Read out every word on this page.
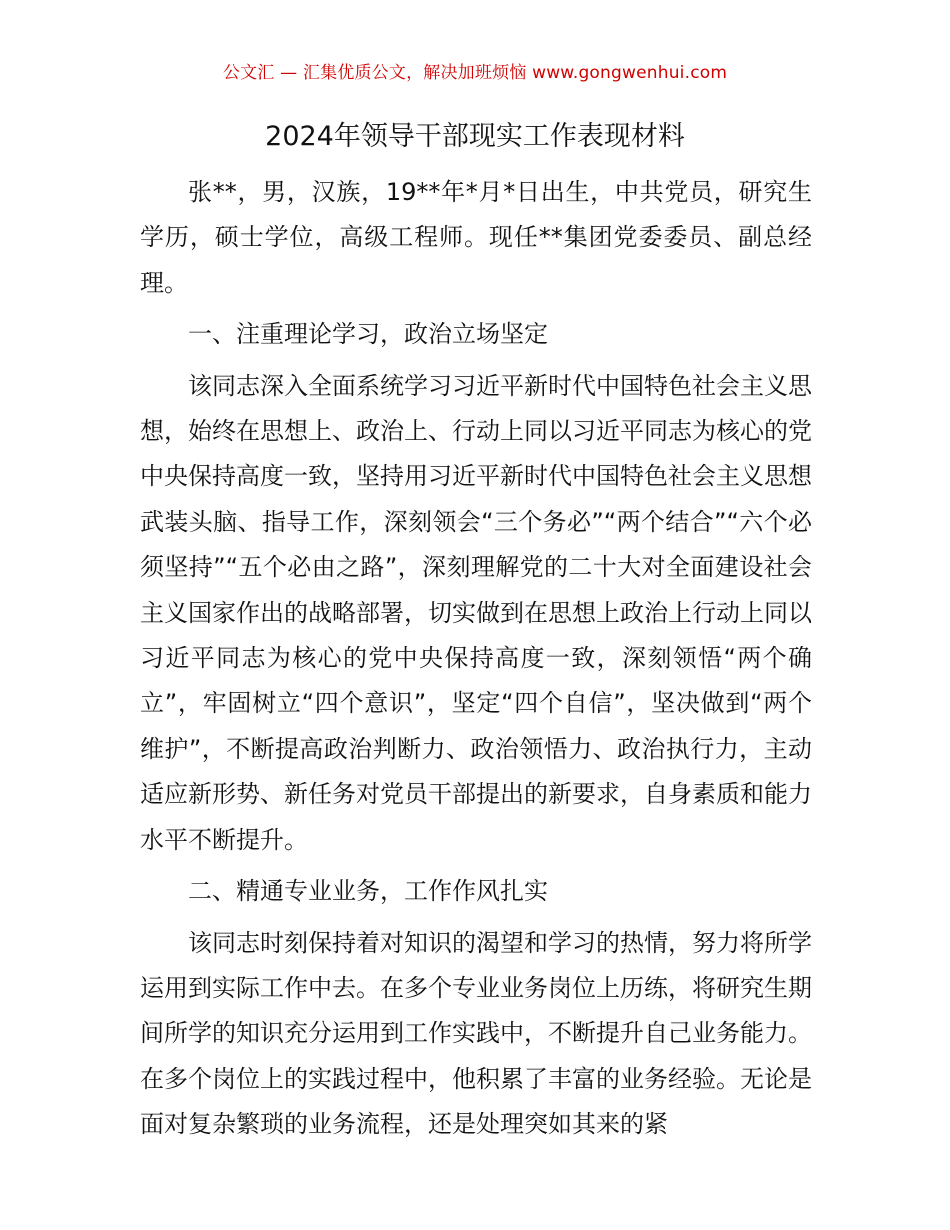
公文汇 — 汇集优质公文，解决加班烦恼 www.gongwenhui.com
2024年领导干部现实工作表现材料

张**，男，汉族，19**年*月*日出生，中共党员，研究生学历，硕士学位，高级工程师。现任**集团党委委员、副总经理。

一、注重理论学习，政治立场坚定

该同志深入全面系统学习习近平新时代中国特色社会主义思想，始终在思想上、政治上、行动上同以习近平同志为核心的党中央保持高度一致，坚持用习近平新时代中国特色社会主义思想武装头脑、指导工作，深刻领会“三个务必”“两个结合”“六个必须坚持”“五个必由之路”，深刻理解党的二十大对全面建设社会主义国家作出的战略部署，切实做到在思想上政治上行动上同以习近平同志为核心的党中央保持高度一致，深刻领悟“两个确立”，牢固树立“四个意识”，坚定“四个自信”，坚决做到“两个维护”，不断提高政治判断力、政治领悟力、政治执行力，主动适应新形势、新任务对党员干部提出的新要求，自身素质和能力水平不断提升。

二、精通专业业务，工作作风扎实

该同志时刻保持着对知识的渴望和学习的热情，努力将所学运用到实际工作中去。在多个专业业务岗位上历练，将研究生期间所学的知识充分运用到工作实践中，不断提升自己业务能力。在多个岗位上的实践过程中，他积累了丰富的业务经验。无论是面对复杂繁琐的业务流程，还是处理突如其来的紧
